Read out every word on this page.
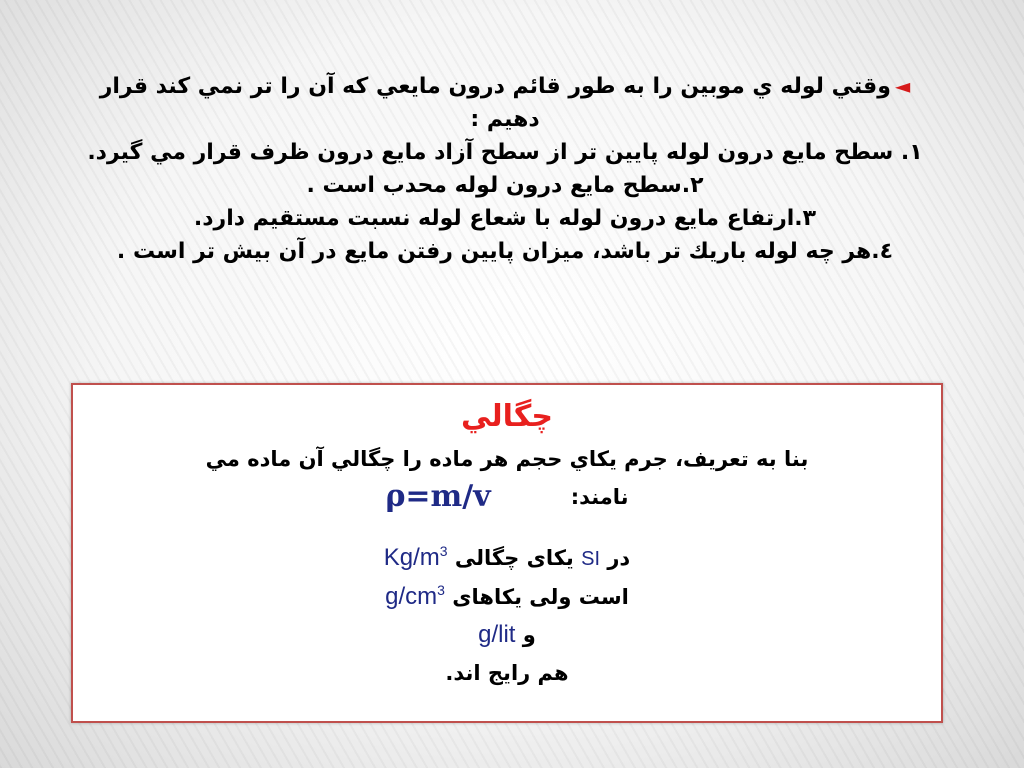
◄وقتي لوله ي موبين را به طور قائم درون مايعي كه آن را تر نمي كند قرار دهيم :

١. سطح مايع درون لوله پايين تر از سطح آزاد مايع درون ظرف قرار مي گيرد.

٢.سطح مايع درون لوله محدب است .

٣.ارتفاع مايع درون لوله با شعاع لوله نسبت مستقيم دارد.

٤.هر چه لوله باريك تر باشد، ميزان پايين رفتن مايع در آن بيش تر است .

چگالي
بنا به تعريف، جرم يكاي حجم هر ماده را چگالي آن ماده مي
نامند:
ρ=m/v

در SI یکای چگالی $Kg/m^3$

است ولی یکاهای $g/cm^3$

و g/lit

هم رایج اند.
